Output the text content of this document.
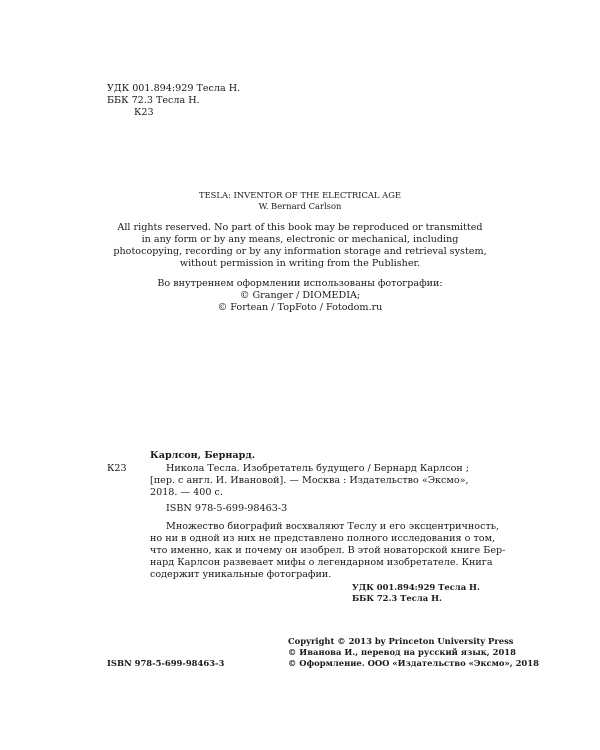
УДК 001.894:929 Тесла Н.
ББК 72.3 Тесла Н.
К23
TESLA: INVENTOR OF THE ELECTRICAL AGE
W. Bernard Carlson
All rights reserved. No part of this book may be reproduced or transmitted
in any form or by any means, electronic or mechanical, including
photocopying, recording or by any information storage and retrieval system,
without permission in writing from the Publisher.
Во внутреннем оформлении использованы фотографии:
© Granger / DIOMEDIA;
© Fortean / TopFoto / Fotodom.ru
Карлсон, Бернард.
К23	Никола Тесла. Изобретатель будущего / Бернард Карлсон ;
[пер. с англ. И. Ивановой]. — Москва : Издательство «Эксмо»,
2018. — 400 с.
ISBN 978-5-699-98463-3
Множество биографий восхваляют Теслу и его эксцентричность,
но ни в одной из них не представлено полного исследования о том,
что именно, как и почему он изобрел. В этой новаторской книге Бер-
нард Карлсон развевает мифы о легендарном изобретателе. Книга
содержит уникальные фотографии.
УДК 001.894:929 Тесла Н.
ББК 72.3 Тесла Н.
Copyright © 2013 by Princeton University Press
© Иванова И., перевод на русский язык, 2018
© Оформление. ООО «Издательство «Эксмо», 2018
ISBN 978-5-699-98463-3
